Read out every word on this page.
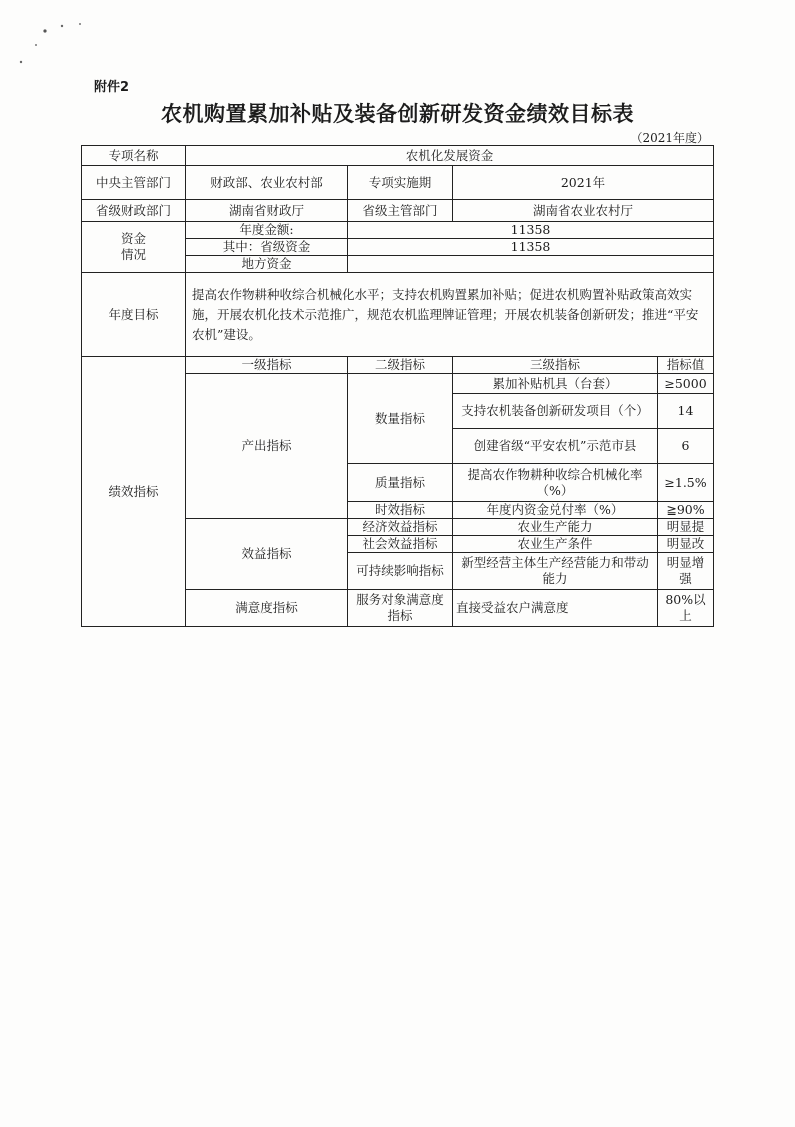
附件2
农机购置累加补贴及装备创新研发资金绩效目标表
（2021年度）
专项名称	农机化发展资金			
中央主管部门	财政部、农业农村部	专项实施期	2021年	
省级财政部门	湖南省财政厅	省级主管部门	湖南省农业农村厅	
资金
情况	年度金额:	11358		
	其中：省级资金	11358		
	地方资金			
年度目标	提高农作物耕种收综合机械化水平；支持农机购置累加补贴；促进农机购置补贴政策高效实施，开展农机化技术示范推广，规范农机监理牌证管理；开展农机装备创新研发；推进“平安农机”建设。			
绩效指标	一级指标	二级指标	三级指标	指标值
	产出指标	数量指标	累加补贴机具（台套）	≥5000
			支持农机装备创新研发项目（个）	14
			创建省级“平安农机”示范市县	6
		质量指标	提高农作物耕种收综合机械化率（%）	≥1.5%
		时效指标	年度内资金兑付率（%）	≧90%
	效益指标	经济效益指标	农业生产能力	明显提
		社会效益指标	农业生产条件	明显改
		可持续影响指标	新型经营主体生产经营能力和带动能力	明显增强
	满意度指标	服务对象满意度指标	直接受益农户满意度	80%以上
